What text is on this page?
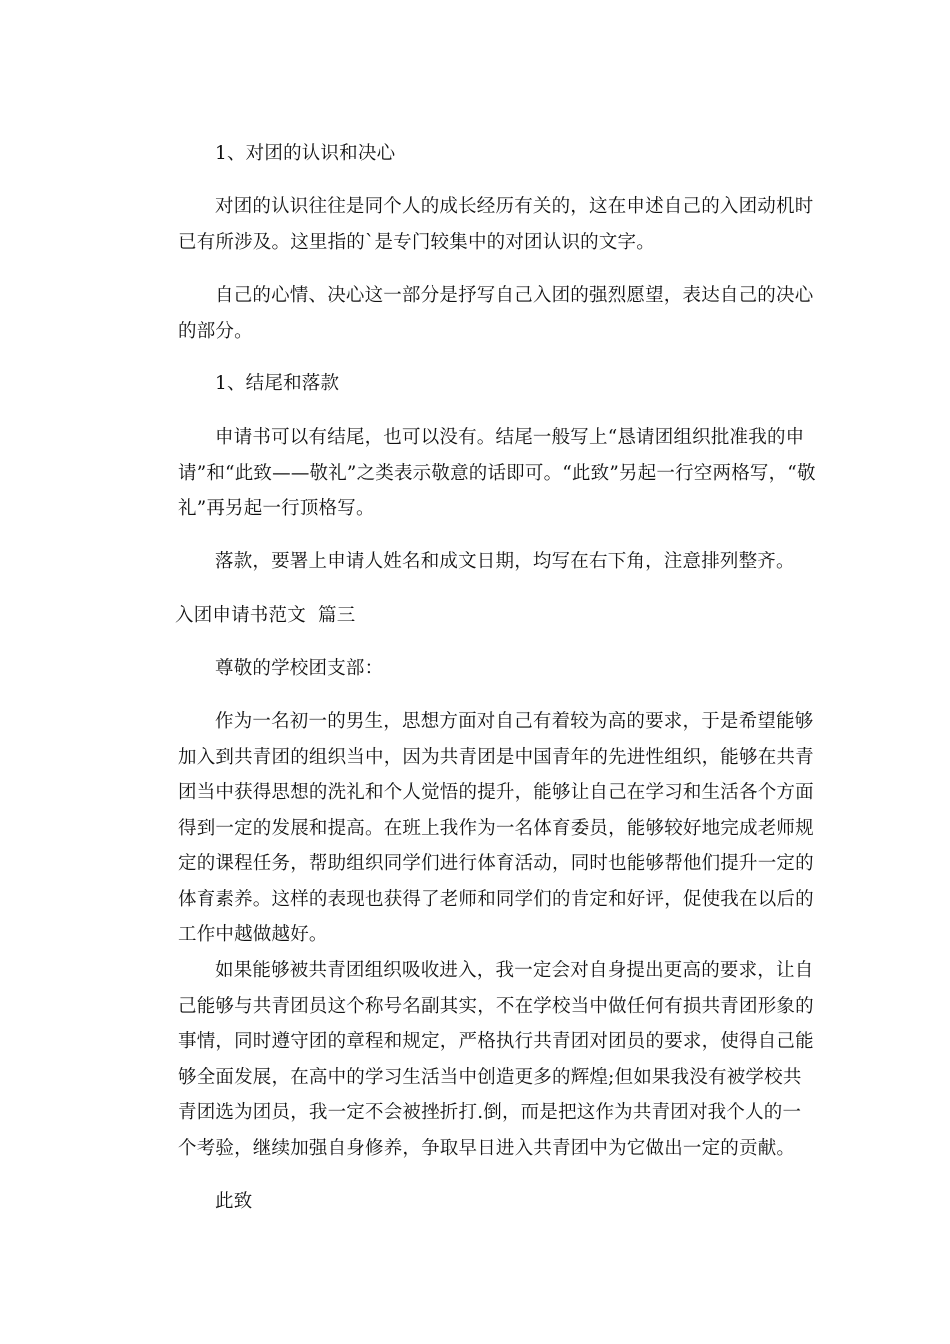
1、对团的认识和决心

对团的认识往往是同个人的成长经历有关的，这在申述自己的入团动机时已有所涉及。这里指的`是专门较集中的对团认识的文字。

自己的心情、决心这一部分是抒写自己入团的强烈愿望，表达自己的决心的部分。

1、结尾和落款

申请书可以有结尾，也可以没有。结尾一般写上“恳请团组织批准我的申请”和“此致——敬礼”之类表示敬意的话即可。“此致”另起一行空两格写，“敬礼”再另起一行顶格写。

落款，要署上申请人姓名和成文日期，均写在右下角，注意排列整齐。

入团申请书范文  篇三

尊敬的学校团支部：

作为一名初一的男生，思想方面对自己有着较为高的要求，于是希望能够加入到共青团的组织当中，因为共青团是中国青年的先进性组织，能够在共青团当中获得思想的洗礼和个人觉悟的提升，能够让自己在学习和生活各个方面得到一定的发展和提高。在班上我作为一名体育委员，能够较好地完成老师规定的课程任务，帮助组织同学们进行体育活动，同时也能够帮他们提升一定的体育素养。这样的表现也获得了老师和同学们的肯定和好评，促使我在以后的工作中越做越好。

如果能够被共青团组织吸收进入，我一定会对自身提出更高的要求，让自己能够与共青团员这个称号名副其实，不在学校当中做任何有损共青团形象的事情，同时遵守团的章程和规定，严格执行共青团对团员的要求，使得自己能够全面发展，在高中的学习生活当中创造更多的辉煌;但如果我没有被学校共青团选为团员，我一定不会被挫折打.倒，而是把这作为共青团对我个人的一个考验，继续加强自身修养，争取早日进入共青团中为它做出一定的贡献。

此致
